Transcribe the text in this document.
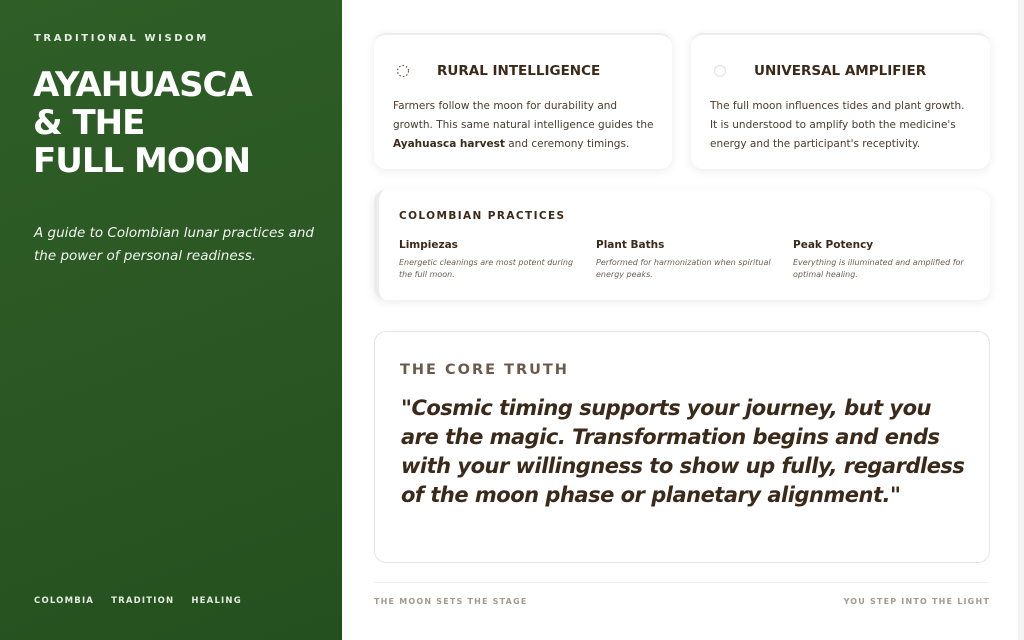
TRADITIONAL WISDOM
AYAHUASCA
& THE
FULL MOON
A guide to Colombian lunar practices and the power of personal readiness.
COLOMBIA TRADITION HEALING
RURAL INTELLIGENCE
Farmers follow the moon for durability and growth. This same natural intelligence guides the Ayahuasca harvest and ceremony timings.
UNIVERSAL AMPLIFIER
The full moon influences tides and plant growth. It is understood to amplify both the medicine's energy and the participant's receptivity.
COLOMBIAN PRACTICES
Limpiezas
Energetic cleanings are most potent during the full moon.
Plant Baths
Performed for harmonization when spiritual energy peaks.
Peak Potency
Everything is illuminated and amplified for optimal healing.
THE CORE TRUTH
"Cosmic timing supports your journey, but you are the magic. Transformation begins and ends with your willingness to show up fully, regardless of the moon phase or planetary alignment."
THE MOON SETS THE STAGE	YOU STEP INTO THE LIGHT
